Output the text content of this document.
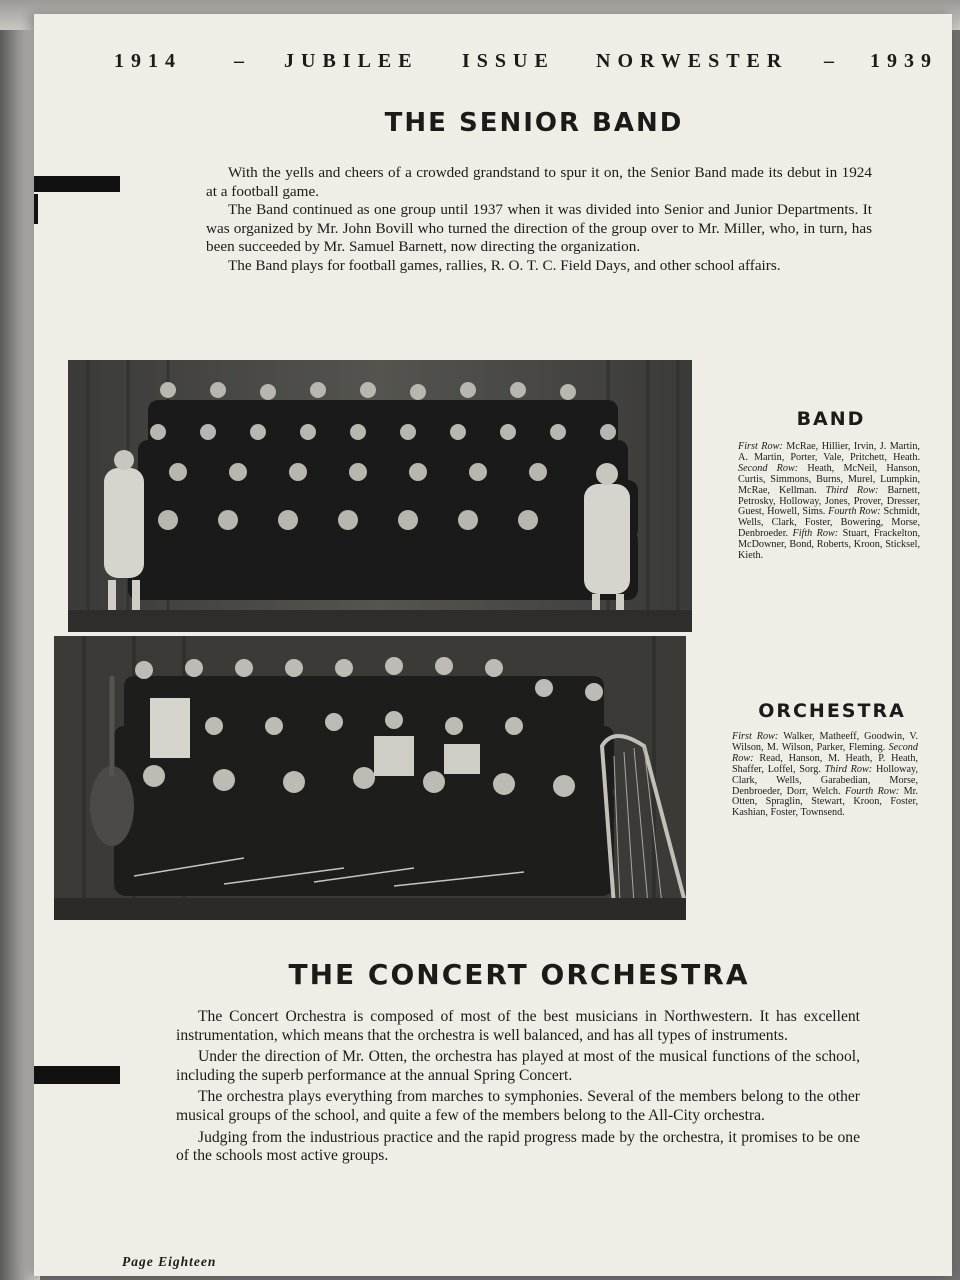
1914	– JUBILEE ISSUE NORWESTER – 1939
THE SENIOR BAND

With the yells and cheers of a crowded grandstand to spur it on, the Senior Band made its debut in 1924 at a football game.

The Band continued as one group until 1937 when it was divided into Senior and Junior Departments. It was organized by Mr. John Bovill who turned the direction of the group over to Mr. Miller, who, in turn, has been succeeded by Mr. Samuel Barnett, now directing the organization.

The Band plays for football games, rallies, R. O. T. C. Field Days, and other school affairs.

BAND
First Row: McRae, Hillier, Irvin, J. Martin, A. Martin, Porter, Vale, Pritchett, Heath. Second Row: Heath, McNeil, Hanson, Curtis, Simmons, Burns, Murel, Lumpkin, McRae, Kellman. Third Row: Barnett, Petrosky, Holloway, Jones, Prover, Dresser, Guest, Howell, Sims. Fourth Row: Schmidt, Wells, Clark, Foster, Bowering, Morse, Denbroeder. Fifth Row: Stuart, Frackelton, McDowner, Bond, Roberts, Kroon, Sticksel, Kieth.
ORCHESTRA
First Row: Walker, Matheeff, Goodwin, V. Wilson, M. Wilson, Parker, Fleming. Second Row: Read, Hanson, M. Heath, P. Heath, Shaffer, Loffel, Sorg. Third Row: Holloway, Clark, Wells, Garabedian, Morse, Denbroeder, Dorr, Welch. Fourth Row: Mr. Otten, Spraglin, Stewart, Kroon, Foster, Kashian, Foster, Townsend.
THE CONCERT ORCHESTRA

The Concert Orchestra is composed of most of the best musicians in Northwestern. It has excellent instrumentation, which means that the orchestra is well balanced, and has all types of instruments.

Under the direction of Mr. Otten, the orchestra has played at most of the musical functions of the school, including the superb performance at the annual Spring Concert.

The orchestra plays everything from marches to symphonies. Several of the members belong to the other musical groups of the school, and quite a few of the members belong to the All-City orchestra.

Judging from the industrious practice and the rapid progress made by the orchestra, it promises to be one of the schools most active groups.

Page Eighteen
